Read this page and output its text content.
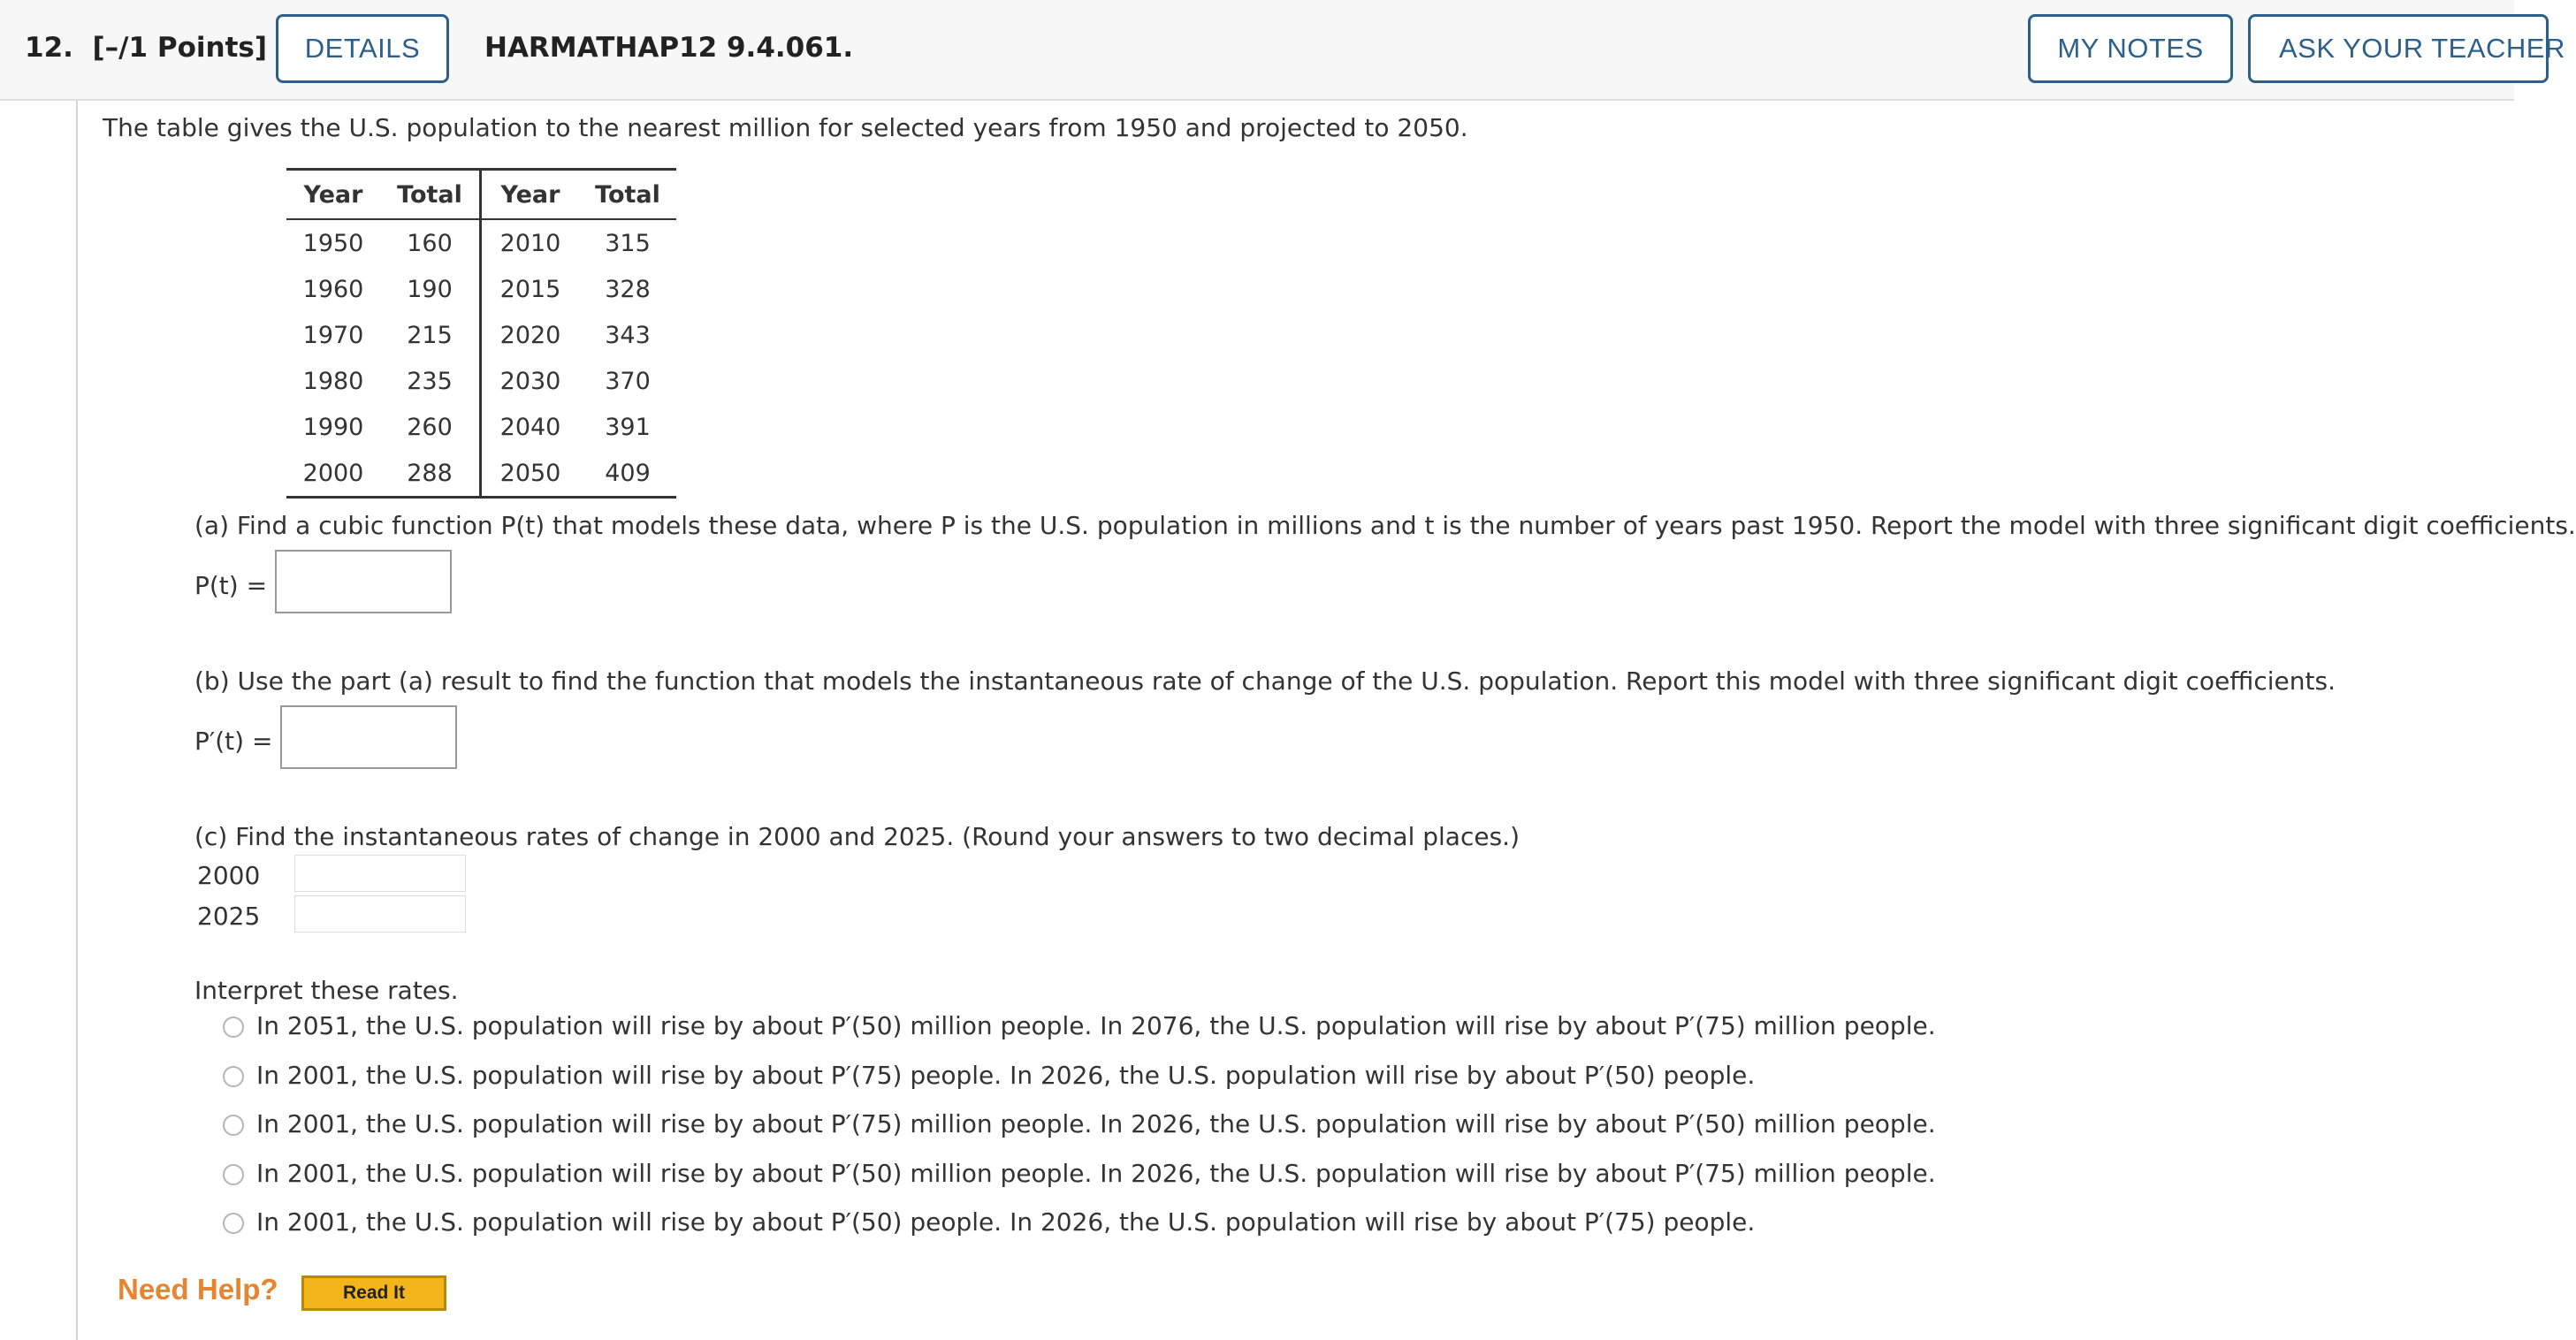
12. [–/1 Points]	DETAILS	HARMATHAP12 9.4.061.	MY NOTES	ASK YOUR TEACHER
The table gives the U.S. population to the nearest million for selected years from 1950 and projected to 2050.
Year	Total	Year	Total
1950	160	2010	315
1960	190	2015	328
1970	215	2020	343
1980	235	2030	370
1990	260	2040	391
2000	288	2050	409
(a) Find a cubic function P(t) that models these data, where P is the U.S. population in millions and t is the number of years past 1950. Report the model with three significant digit coefficients.
P(t) =
(b) Use the part (a) result to find the function that models the instantaneous rate of change of the U.S. population. Report this model with three significant digit coefficients.
P′(t) =
(c) Find the instantaneous rates of change in 2000 and 2025. (Round your answers to two decimal places.)
2000
2025
Interpret these rates.
In 2051, the U.S. population will rise by about P′(50) million people. In 2076, the U.S. population will rise by about P′(75) million people.
In 2001, the U.S. population will rise by about P′(75) people. In 2026, the U.S. population will rise by about P′(50) people.
In 2001, the U.S. population will rise by about P′(75) million people. In 2026, the U.S. population will rise by about P′(50) million people.
In 2001, the U.S. population will rise by about P′(50) million people. In 2026, the U.S. population will rise by about P′(75) million people.
In 2001, the U.S. population will rise by about P′(50) people. In 2026, the U.S. population will rise by about P′(75) people.
Need Help?	Read It
